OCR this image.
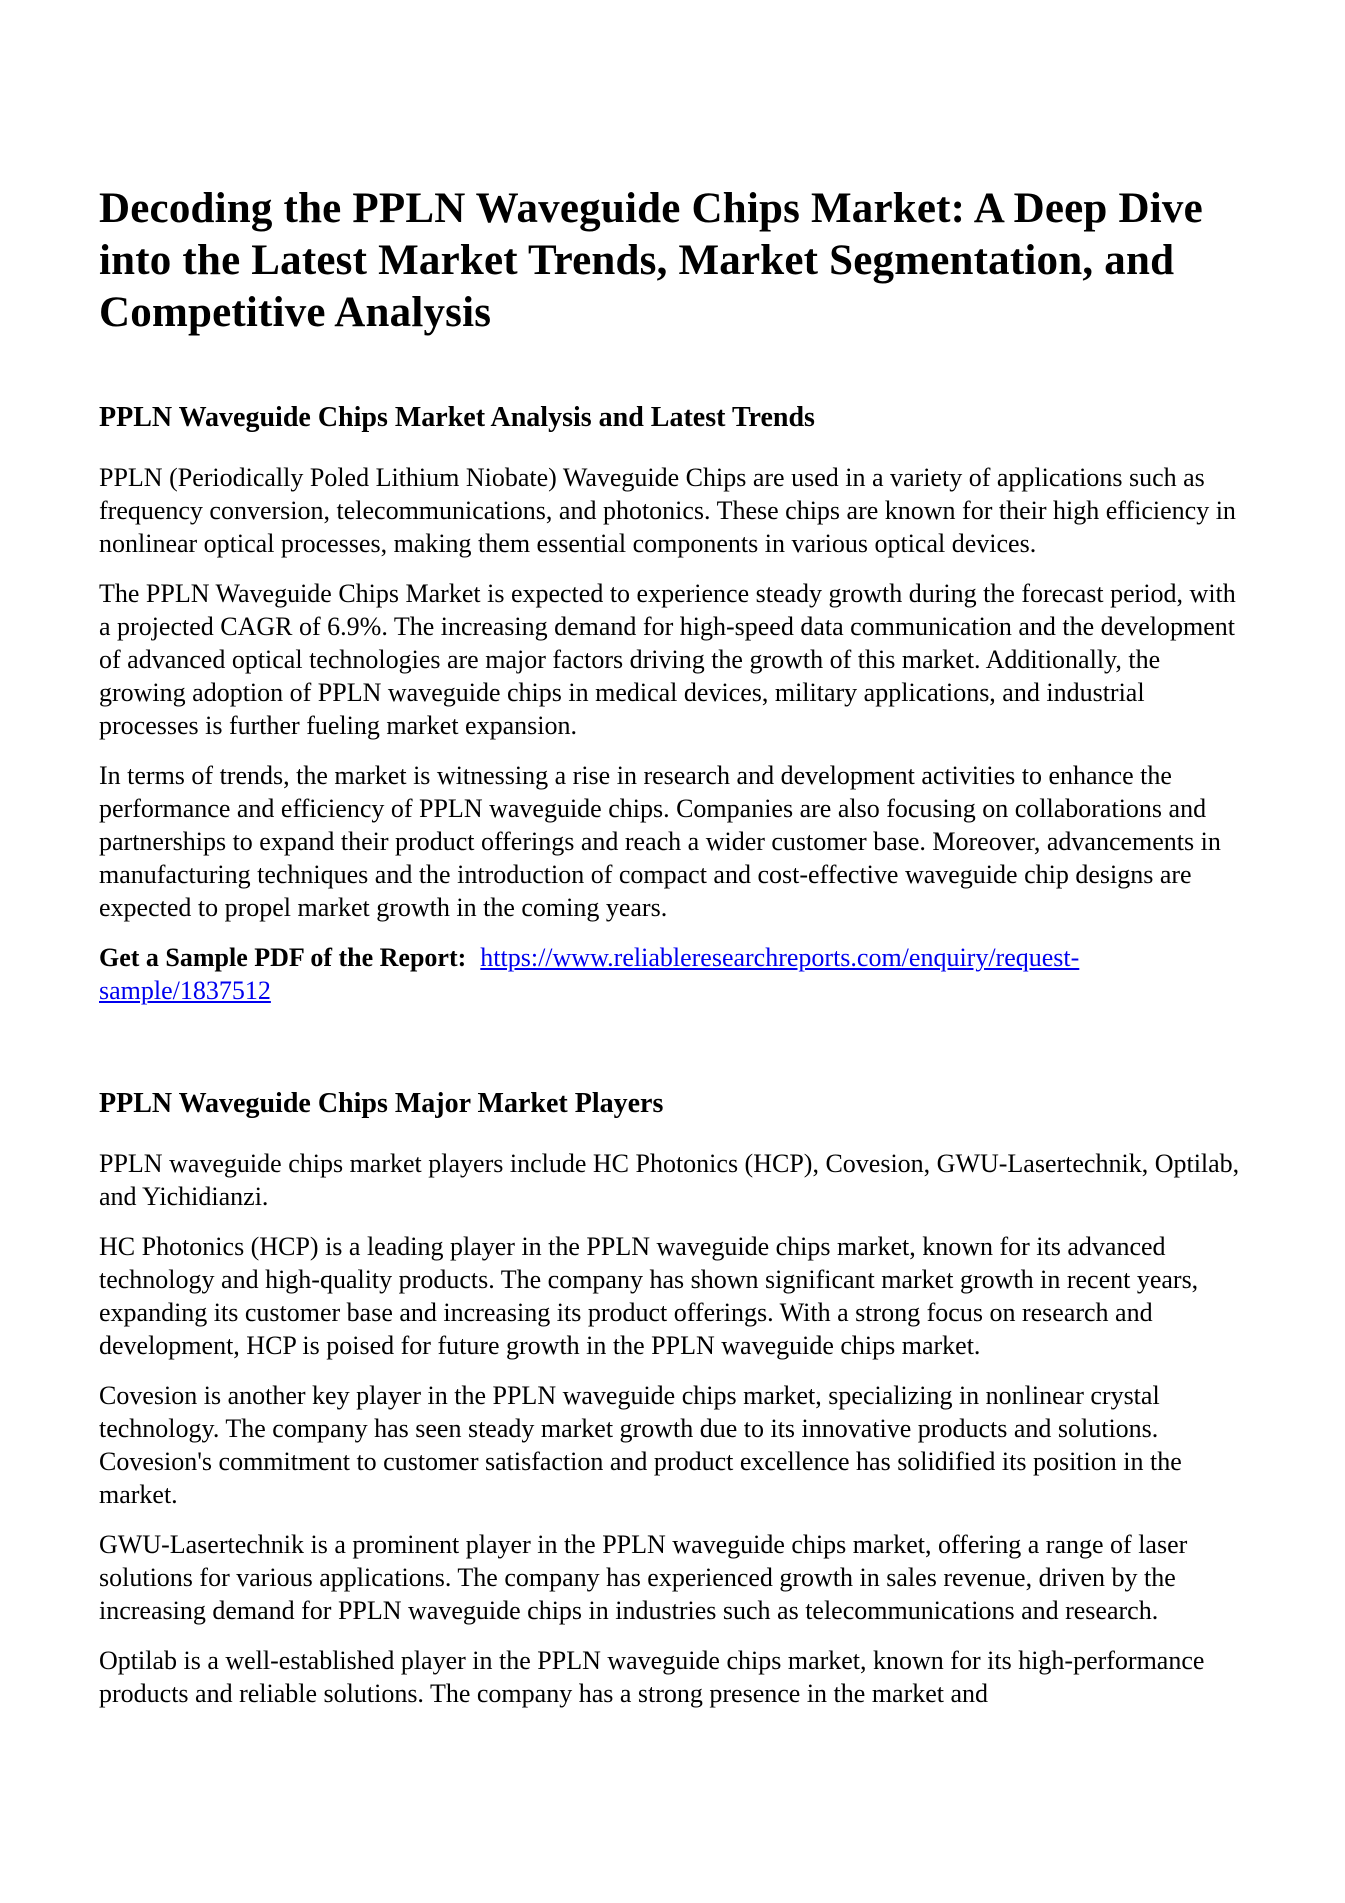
Decoding the PPLN Waveguide Chips Market: A Deep Dive into the Latest Market Trends, Market Segmentation, and Competitive Analysis
PPLN Waveguide Chips Market Analysis and Latest Trends

PPLN (Periodically Poled Lithium Niobate) Waveguide Chips are used in a variety of applications such as frequency conversion, telecommunications, and photonics. These chips are known for their high efficiency in nonlinear optical processes, making them essential components in various optical devices.

The PPLN Waveguide Chips Market is expected to experience steady growth during the forecast period, with a projected CAGR of 6.9%. The increasing demand for high-speed data communication and the development of advanced optical technologies are major factors driving the growth of this market. Additionally, the growing adoption of PPLN waveguide chips in medical devices, military applications, and industrial processes is further fueling market expansion.

In terms of trends, the market is witnessing a rise in research and development activities to enhance the performance and efficiency of PPLN waveguide chips. Companies are also focusing on collaborations and partnerships to expand their product offerings and reach a wider customer base. Moreover, advancements in manufacturing techniques and the introduction of compact and cost-effective waveguide chip designs are expected to propel market growth in the coming years.

Get a Sample PDF of the Report: https://www.reliableresearchreports.com/enquiry/request-sample/1837512

PPLN Waveguide Chips Major Market Players

PPLN waveguide chips market players include HC Photonics (HCP), Covesion, GWU-Lasertechnik, Optilab, and Yichidianzi.

HC Photonics (HCP) is a leading player in the PPLN waveguide chips market, known for its advanced technology and high-quality products. The company has shown significant market growth in recent years, expanding its customer base and increasing its product offerings. With a strong focus on research and development, HCP is poised for future growth in the PPLN waveguide chips market.

Covesion is another key player in the PPLN waveguide chips market, specializing in nonlinear crystal technology. The company has seen steady market growth due to its innovative products and solutions. Covesion's commitment to customer satisfaction and product excellence has solidified its position in the market.

GWU-Lasertechnik is a prominent player in the PPLN waveguide chips market, offering a range of laser solutions for various applications. The company has experienced growth in sales revenue, driven by the increasing demand for PPLN waveguide chips in industries such as telecommunications and research.

Optilab is a well-established player in the PPLN waveguide chips market, known for its high-performance products and reliable solutions. The company has a strong presence in the market and
